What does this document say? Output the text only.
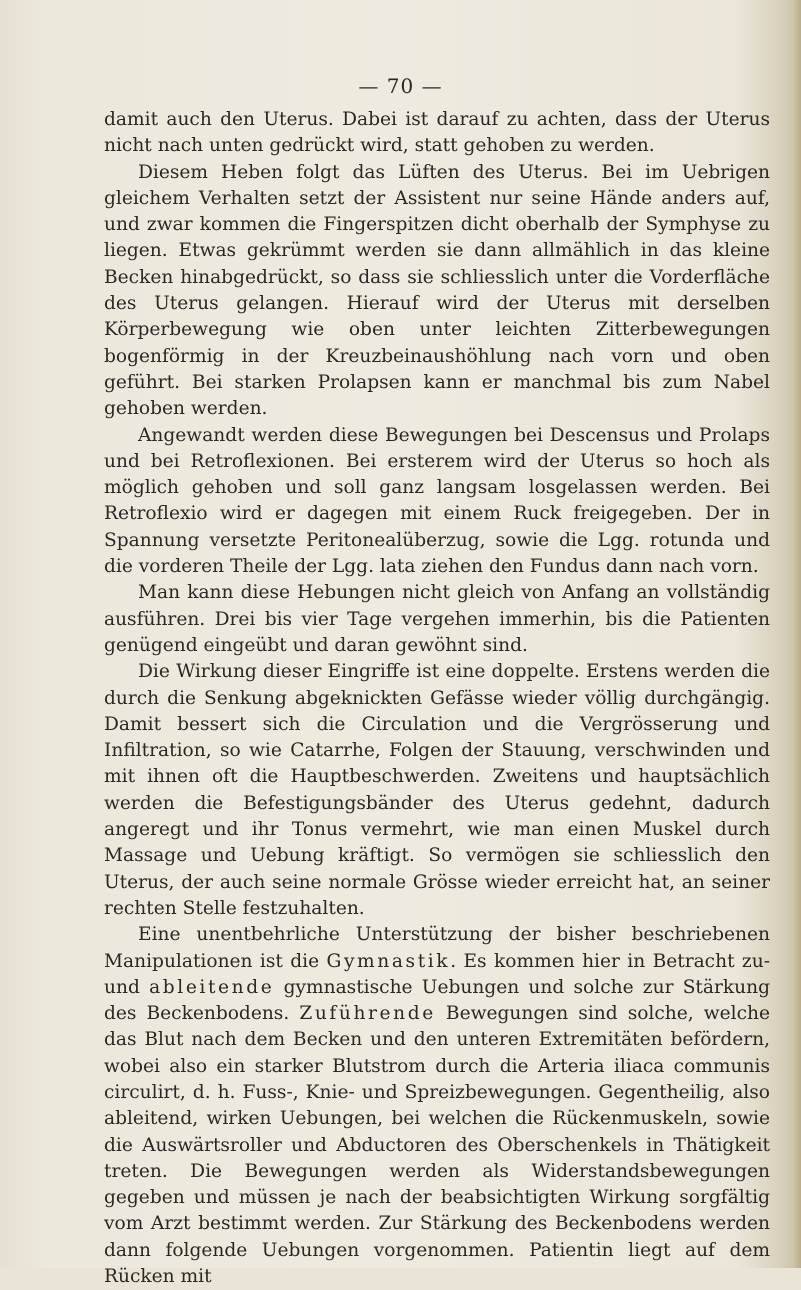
— 70 —

damit auch den Uterus. Dabei ist darauf zu achten, dass der Uterus nicht nach unten gedrückt wird, statt gehoben zu werden.

Diesem Heben folgt das Lüften des Uterus. Bei im Uebrigen gleichem Verhalten setzt der Assistent nur seine Hände anders auf, und zwar kommen die Fingerspitzen dicht oberhalb der Symphyse zu liegen. Etwas gekrümmt werden sie dann allmählich in das kleine Becken hinabgedrückt, so dass sie schliesslich unter die Vorderfläche des Uterus gelangen. Hierauf wird der Uterus mit derselben Körperbewegung wie oben unter leichten Zitterbewegungen bogenförmig in der Kreuzbeinaushöhlung nach vorn und oben geführt. Bei starken Prolapsen kann er manchmal bis zum Nabel gehoben werden.

Angewandt werden diese Bewegungen bei Descensus und Prolaps und bei Retroflexionen. Bei ersterem wird der Uterus so hoch als möglich gehoben und soll ganz langsam losgelassen werden. Bei Retroflexio wird er dagegen mit einem Ruck freigegeben. Der in Spannung versetzte Peritonealüberzug, sowie die Lgg. rotunda und die vorderen Theile der Lgg. lata ziehen den Fundus dann nach vorn.

Man kann diese Hebungen nicht gleich von Anfang an vollständig ausführen. Drei bis vier Tage vergehen immerhin, bis die Patienten genügend eingeübt und daran gewöhnt sind.

Die Wirkung dieser Eingriffe ist eine doppelte. Erstens werden die durch die Senkung abgeknickten Gefässe wieder völlig durchgängig. Damit bessert sich die Circulation und die Vergrösserung und Infiltration, so wie Catarrhe, Folgen der Stauung, verschwinden und mit ihnen oft die Hauptbeschwerden. Zweitens und hauptsächlich werden die Befestigungsbänder des Uterus gedehnt, dadurch angeregt und ihr Tonus vermehrt, wie man einen Muskel durch Massage und Uebung kräftigt. So vermögen sie schliesslich den Uterus, der auch seine normale Grösse wieder erreicht hat, an seiner rechten Stelle festzuhalten.

Eine unentbehrliche Unterstützung der bisher beschriebenen Manipulationen ist die Gymnastik. Es kommen hier in Betracht zu- und ableitende gymnastische Uebungen und solche zur Stärkung des Beckenbodens. Zuführende Bewegungen sind solche, welche das Blut nach dem Becken und den unteren Extremitäten befördern, wobei also ein starker Blutstrom durch die Arteria iliaca communis circulirt, d. h. Fuss-, Knie- und Spreizbewegungen. Gegentheilig, also ableitend, wirken Uebungen, bei welchen die Rückenmuskeln, sowie die Auswärtsroller und Abductoren des Oberschenkels in Thätigkeit treten. Die Bewegungen werden als Widerstandsbewegungen gegeben und müssen je nach der beabsichtigten Wirkung sorgfältig vom Arzt bestimmt werden. Zur Stärkung des Beckenbodens werden dann folgende Uebungen vorgenommen. Patientin liegt auf dem Rücken mit
